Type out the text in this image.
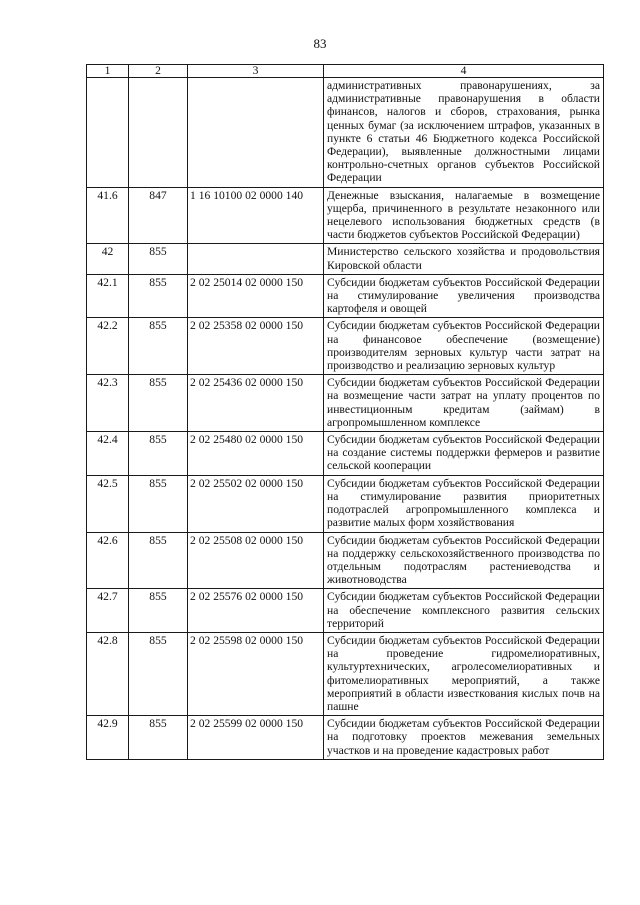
83
1	2	3	4
			административных правонарушениях, за административные правонарушения в области финансов, налогов и сборов, страхования, рынка ценных бумаг (за исключением штрафов, указанных в пункте 6 статьи 46 Бюджетного кодекса Российской Федерации), выявленные должностными лицами контрольно-счетных органов субъектов Российской Федерации
41.6	847	1 16 10100 02 0000 140	Денежные взыскания, налагаемые в возмещение ущерба, причиненного в результате незаконного или нецелевого использования бюджетных средств (в части бюджетов субъектов Российской Федерации)
42	855		Министерство сельского хозяйства и продовольствия Кировской области
42.1	855	2 02 25014 02 0000 150	Субсидии бюджетам субъектов Российской Федерации на стимулирование увеличения производства картофеля и овощей
42.2	855	2 02 25358 02 0000 150	Субсидии бюджетам субъектов Российской Федерации на финансовое обеспечение (возмещение) производителям зерновых культур части затрат на производство и реализацию зерновых культур
42.3	855	2 02 25436 02 0000 150	Субсидии бюджетам субъектов Российской Федерации на возмещение части затрат на уплату процентов по инвестиционным кредитам (займам) в агропромышленном комплексе
42.4	855	2 02 25480 02 0000 150	Субсидии бюджетам субъектов Российской Федерации на создание системы поддержки фермеров и развитие сельской кооперации
42.5	855	2 02 25502 02 0000 150	Субсидии бюджетам субъектов Российской Федерации на стимулирование развития приоритетных подотраслей агропромышленного комплекса и развитие малых форм хозяйствования
42.6	855	2 02 25508 02 0000 150	Субсидии бюджетам субъектов Российской Федерации на поддержку сельскохозяйственного производства по отдельным подотраслям растениеводства и животноводства
42.7	855	2 02 25576 02 0000 150	Субсидии бюджетам субъектов Российской Федерации на обеспечение комплексного развития сельских территорий
42.8	855	2 02 25598 02 0000 150	Субсидии бюджетам субъектов Российской Федерации на проведение гидромелиоративных, культуртехнических, агролесомелиоративных и фитомелиоративных мероприятий, а также мероприятий в области известкования кислых почв на пашне
42.9	855	2 02 25599 02 0000 150	Субсидии бюджетам субъектов Российской Федерации на подготовку проектов межевания земельных участков и на проведение кадастровых работ
